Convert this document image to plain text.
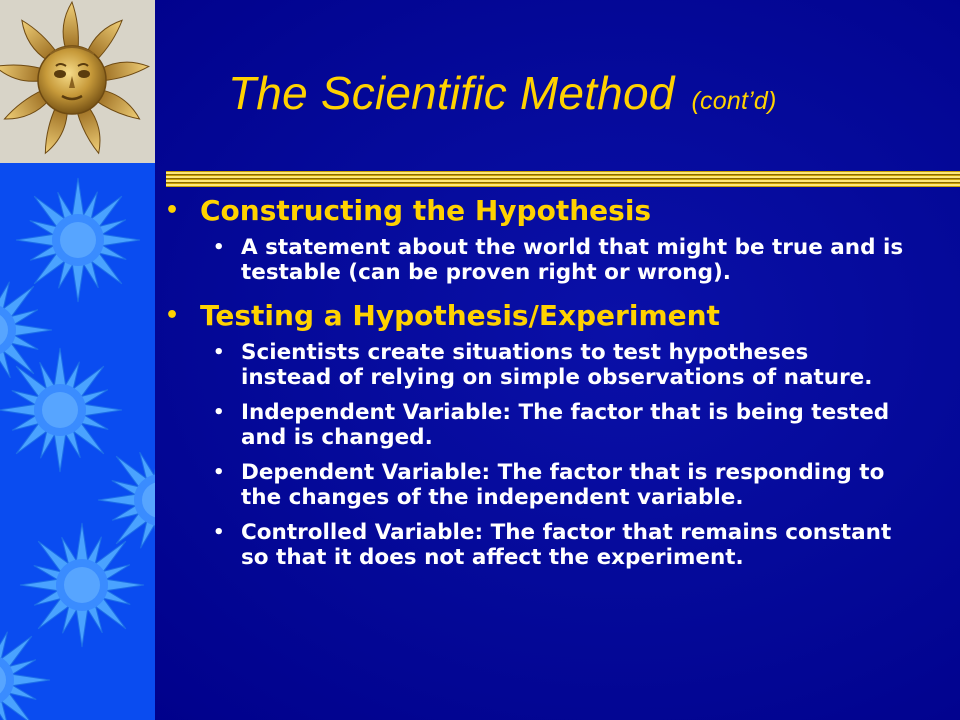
The Scientific Method (cont’d)
• Constructing the Hypothesis
• A statement about the world that might be true and is testable (can be proven right or wrong).
• Testing a Hypothesis/Experiment
• Scientists create situations to test hypotheses instead of relying on simple observations of nature.
• Independent Variable: The factor that is being tested and is changed.
• Dependent Variable: The factor that is responding to the changes of the independent variable.
• Controlled Variable: The factor that remains constant so that it does not affect the experiment.
